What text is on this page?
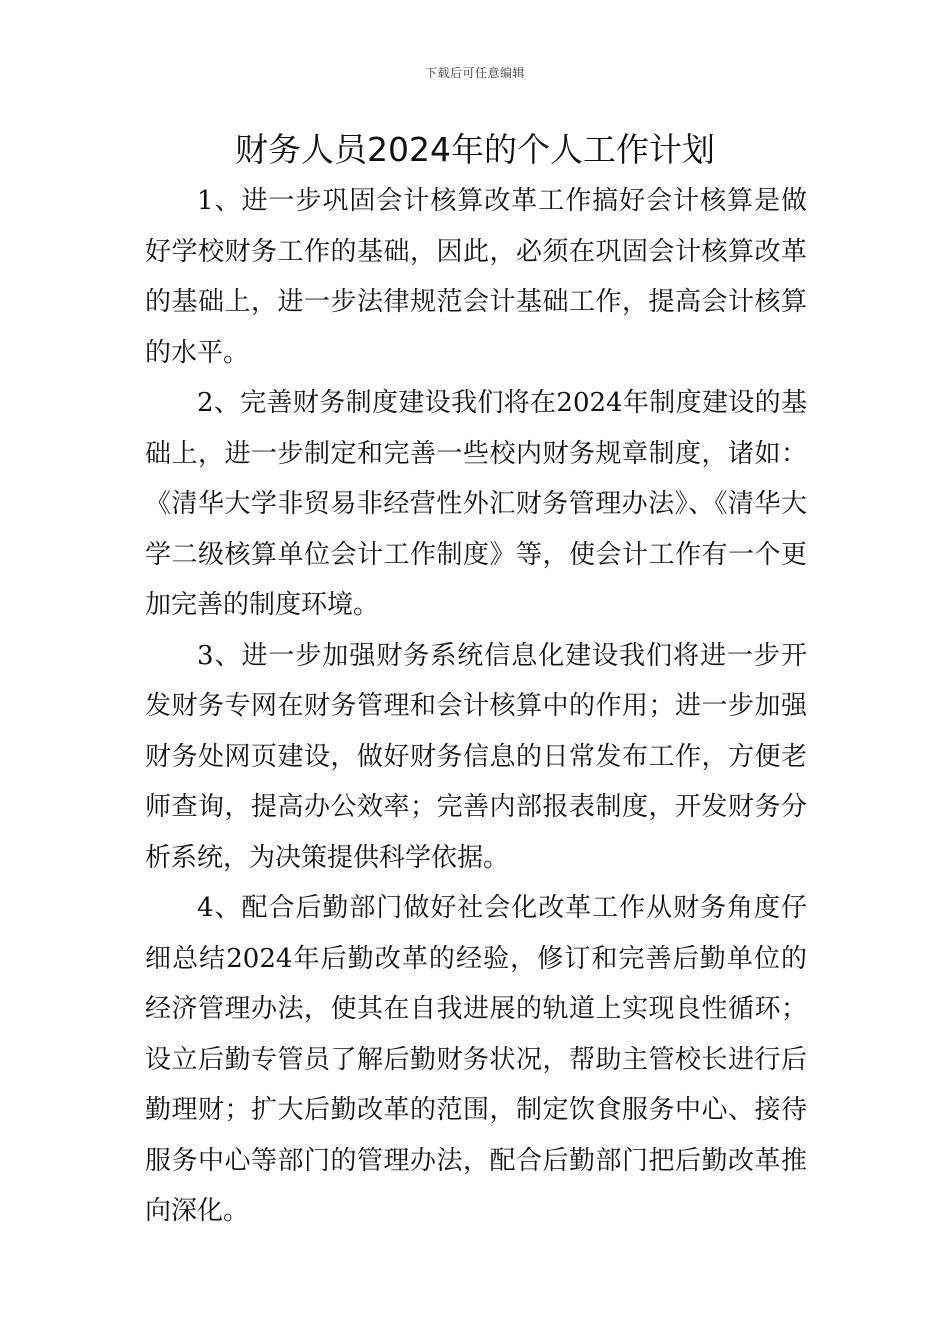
下载后可任意编辑
财务人员2024年的个人工作计划

1、进一步巩固会计核算改革工作搞好会计核算是做好学校财务工作的基础，因此，必须在巩固会计核算改革的基础上，进一步法律规范会计基础工作，提高会计核算的水平。

2、完善财务制度建设我们将在2024年制度建设的基础上，进一步制定和完善一些校内财务规章制度，诸如：《清华大学非贸易非经营性外汇财务管理办法》、《清华大学二级核算单位会计工作制度》等，使会计工作有一个更加完善的制度环境。

3、进一步加强财务系统信息化建设我们将进一步开发财务专网在财务管理和会计核算中的作用；进一步加强财务处网页建设，做好财务信息的日常发布工作，方便老师查询，提高办公效率；完善内部报表制度，开发财务分析系统，为决策提供科学依据。

4、配合后勤部门做好社会化改革工作从财务角度仔细总结2024年后勤改革的经验，修订和完善后勤单位的经济管理办法，使其在自我进展的轨道上实现良性循环；设立后勤专管员了解后勤财务状况，帮助主管校长进行后勤理财；扩大后勤改革的范围，制定饮食服务中心、接待服务中心等部门的管理办法，配合后勤部门把后勤改革推向深化。
